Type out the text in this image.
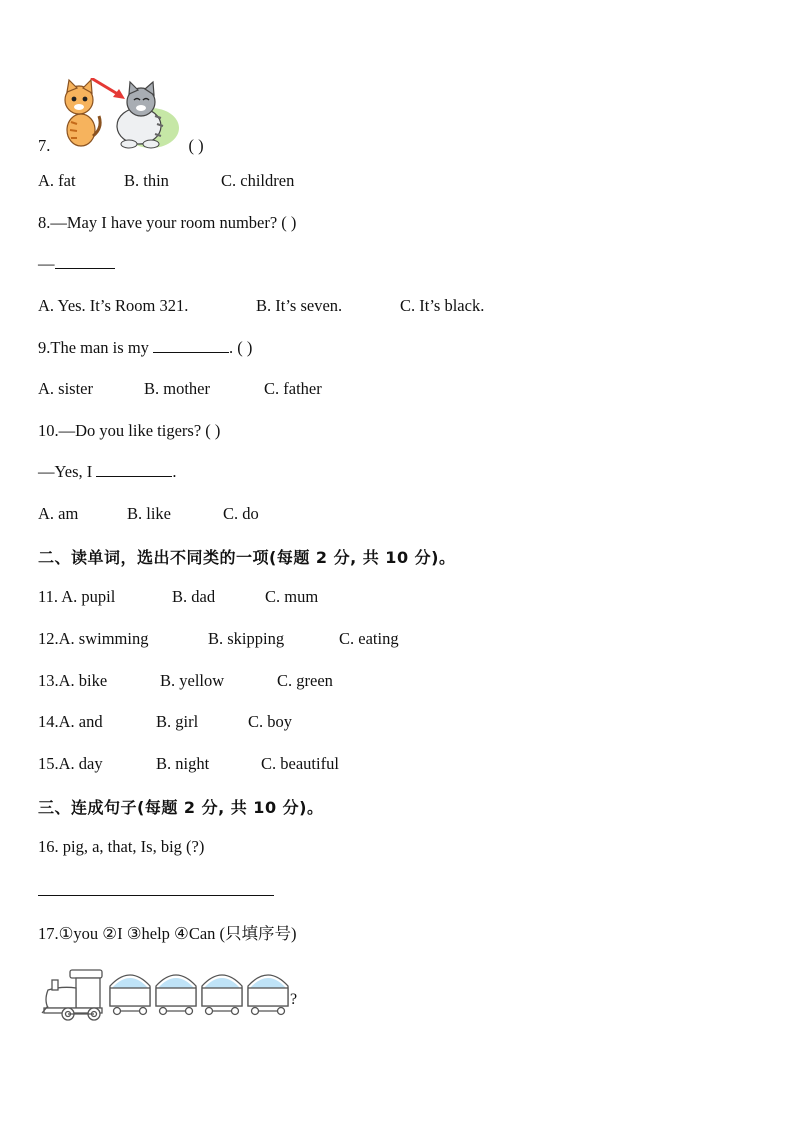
7.	( )
A. fat	B. thin	C. children
8.—May I have your room number? ( )
—
A. Yes. It’s Room 321.	B. It’s seven.	C. It’s black.
9.The man is my	. ( )
A. sister	B. mother	C. father
10.—Do you like tigers? ( )
—Yes, I	.
A. am	B. like	C. do
二、读单词，选出不同类的一项(每题 2 分, 共 10 分)。
11. A. pupil	B. dad	C. mum
12.A. swimming	B. skipping	C. eating
13.A. bike	B. yellow	C. green
14.A. and	B. girl	C. boy
15.A. day	B. night	C. beautiful
三、连成句子(每题 2 分, 共 10 分)。
16. pig, a, that, Is, big (?)
17.①you ②I ③help ④Can (只填序号)
?
